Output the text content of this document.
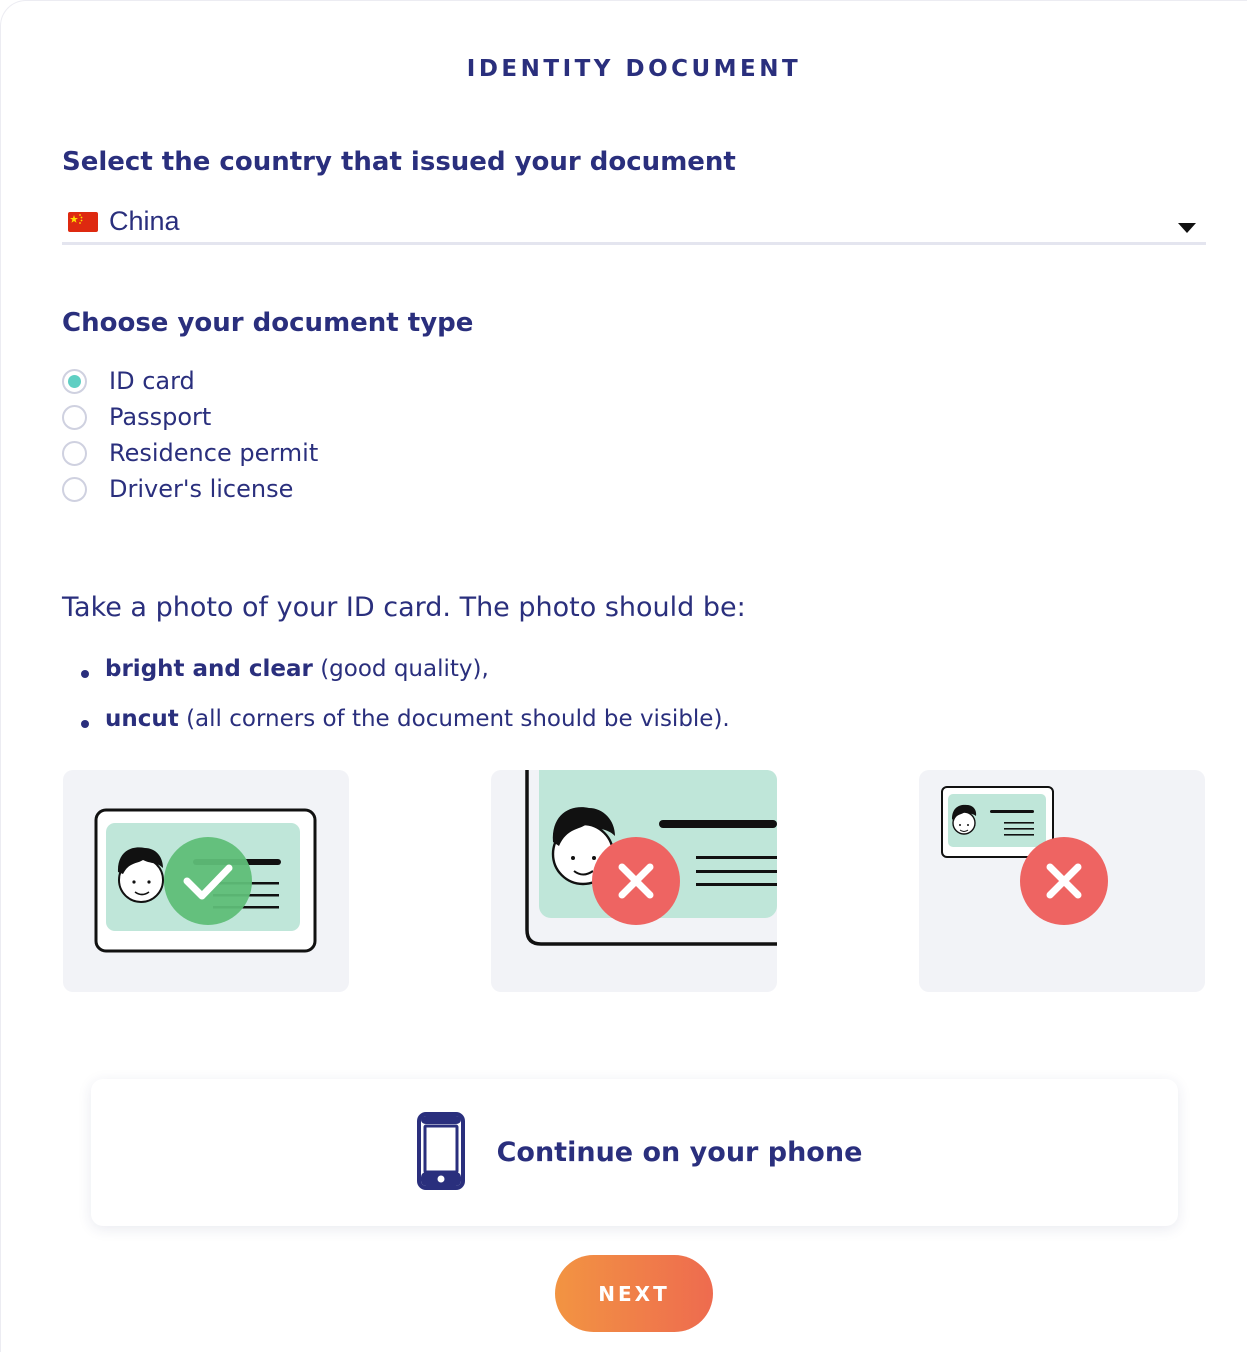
IDENTITY DOCUMENT
Select the country that issued your document
China
Choose your document type
ID card
Passport
Residence permit
Driver's license
Take a photo of your ID card. The photo should be:
bright and clear (good quality),
uncut (all corners of the document should be visible).
Continue on your phone
NEXT
